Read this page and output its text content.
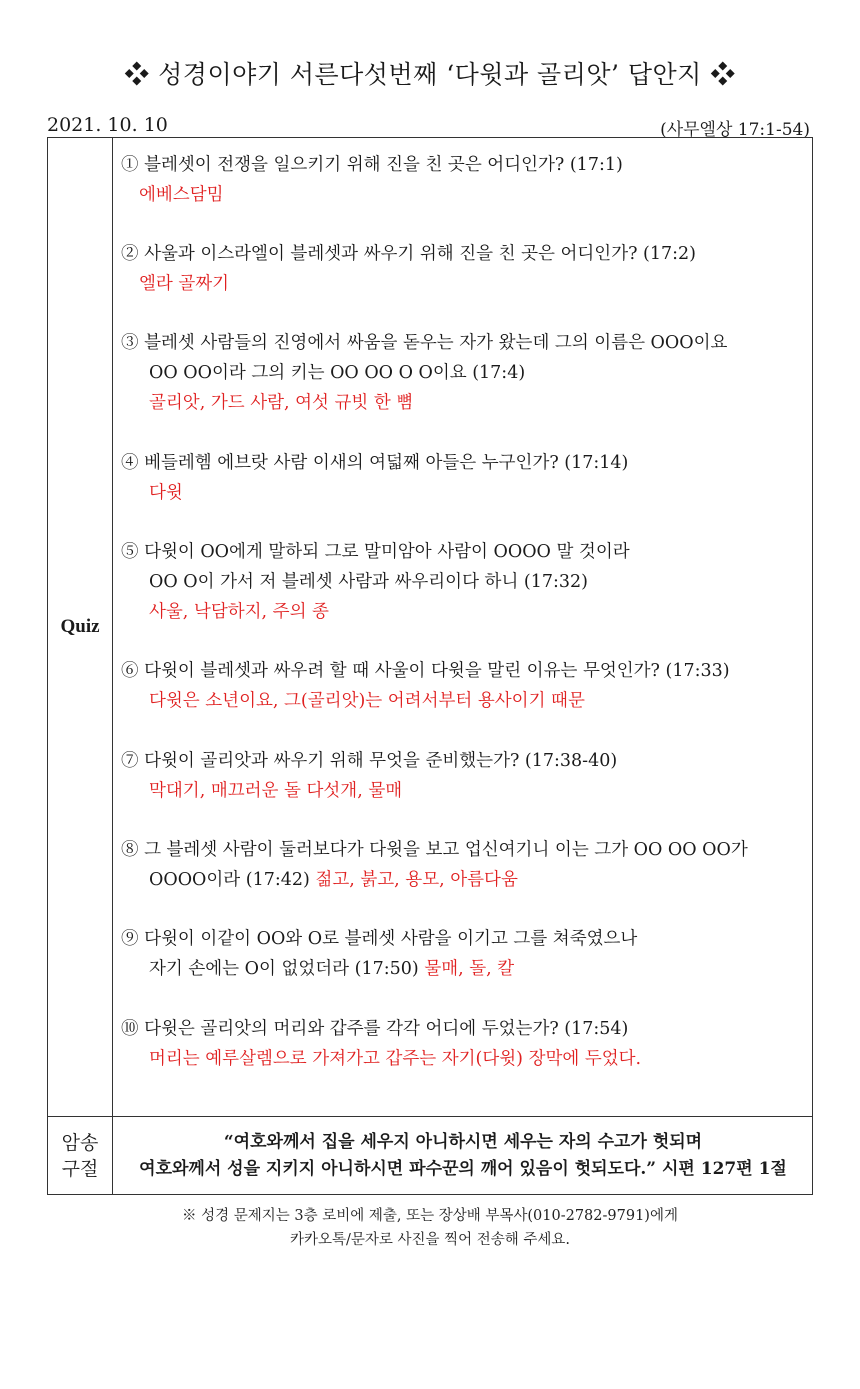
❖ 성경이야기 서른다섯번째 ‘다윗과 골리앗’ 답안지 ❖
2021. 10. 10	(사무엘상 17:1-54)
Quiz
① 블레셋이 전쟁을 일으키기 위해 진을 친 곳은 어디인가? (17:1)
에베스담밈
② 사울과 이스라엘이 블레셋과 싸우기 위해 진을 친 곳은 어디인가? (17:2)
엘라 골짜기
③ 블레셋 사람들의 진영에서 싸움을 돋우는 자가 왔는데 그의 이름은 OOO이요
OO OO이라 그의 키는 OO OO O O이요 (17:4)
골리앗, 가드 사람, 여섯 규빗 한 뼘
④ 베들레헴 에브랏 사람 이새의 여덟째 아들은 누구인가? (17:14)
다윗
⑤ 다윗이 OO에게 말하되 그로 말미암아 사람이 OOOO 말 것이라
OO O이 가서 저 블레셋 사람과 싸우리이다 하니 (17:32)
사울, 낙담하지, 주의 종
⑥ 다윗이 블레셋과 싸우려 할 때 사울이 다윗을 말린 이유는 무엇인가? (17:33)
다윗은 소년이요, 그(골리앗)는 어려서부터 용사이기 때문
⑦ 다윗이 골리앗과 싸우기 위해 무엇을 준비했는가? (17:38-40)
막대기, 매끄러운 돌 다섯개, 물매
⑧ 그 블레셋 사람이 둘러보다가 다윗을 보고 업신여기니 이는 그가 OO OO OO가
OOOO이라 (17:42) 젊고, 붉고, 용모, 아름다움
⑨ 다윗이 이같이 OO와 O로 블레셋 사람을 이기고 그를 쳐죽였으나
자기 손에는 O이 없었더라 (17:50) 물매, 돌, 칼
⑩ 다윗은 골리앗의 머리와 갑주를 각각 어디에 두었는가? (17:54)
머리는 예루살렘으로 가져가고 갑주는 자기(다윗) 장막에 두었다.
암송
구절
“여호와께서 집을 세우지 아니하시면 세우는 자의 수고가 헛되며
여호와께서 성을 지키지 아니하시면 파수꾼의 깨어 있음이 헛되도다.” 시편 127편 1절
※ 성경 문제지는 3층 로비에 제출, 또는 장상배 부목사(010-2782-9791)에게
카카오톡/문자로 사진을 찍어 전송해 주세요.
